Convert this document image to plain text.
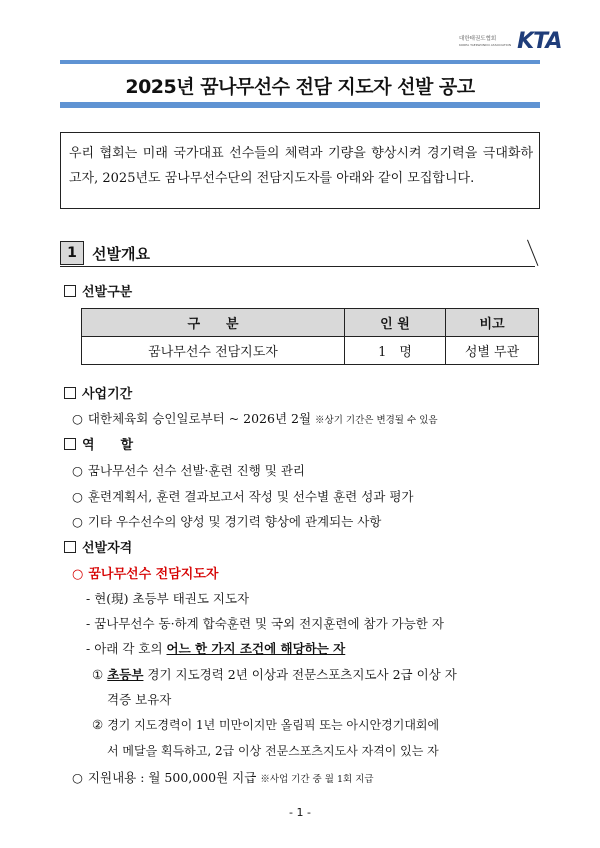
대한태권도협회
KOREA TAEKWONDO ASSOCIATION KTA
2025년 꿈나무선수 전담 지도자 선발 공고
우리 협회는 미래 국가대표 선수들의 체력과 기량을 향상시켜 경기력을 극대화하고자, 2025년도 꿈나무선수단의 전담지도자를 아래와 같이 모집합니다.
1	선발개요
선발구분
구　　분	인 원	비고
꿈나무선수 전담지도자	1　명	성별 무관
사업기간
○ 대한체육회 승인일로부터 ~ 2026년 2월 ※상기 기간은 변경될 수 있음
역　　할
○ 꿈나무선수 선수 선발·훈련 진행 및 관리
○ 훈련계획서, 훈련 결과보고서 작성 및 선수별 훈련 성과 평가
○ 기타 우수선수의 양성 및 경기력 향상에 관계되는 사항
선발자격
○ 꿈나무선수 전담지도자
- 현(現) 초등부 태권도 지도자
- 꿈나무선수 동·하계 합숙훈련 및 국외 전지훈련에 참가 가능한 자
- 아래 각 호의 어느 한 가지 조건에 해당하는 자
① 초등부 경기 지도경력 2년 이상과 전문스포츠지도사 2급 이상 자
격증 보유자
② 경기 지도경력이 1년 미만이지만 올림픽 또는 아시안경기대회에
서 메달을 획득하고, 2급 이상 전문스포츠지도사 자격이 있는 자
○ 지원내용 : 월 500,000원 지급 ※사업 기간 중 월 1회 지급
- 1 -
